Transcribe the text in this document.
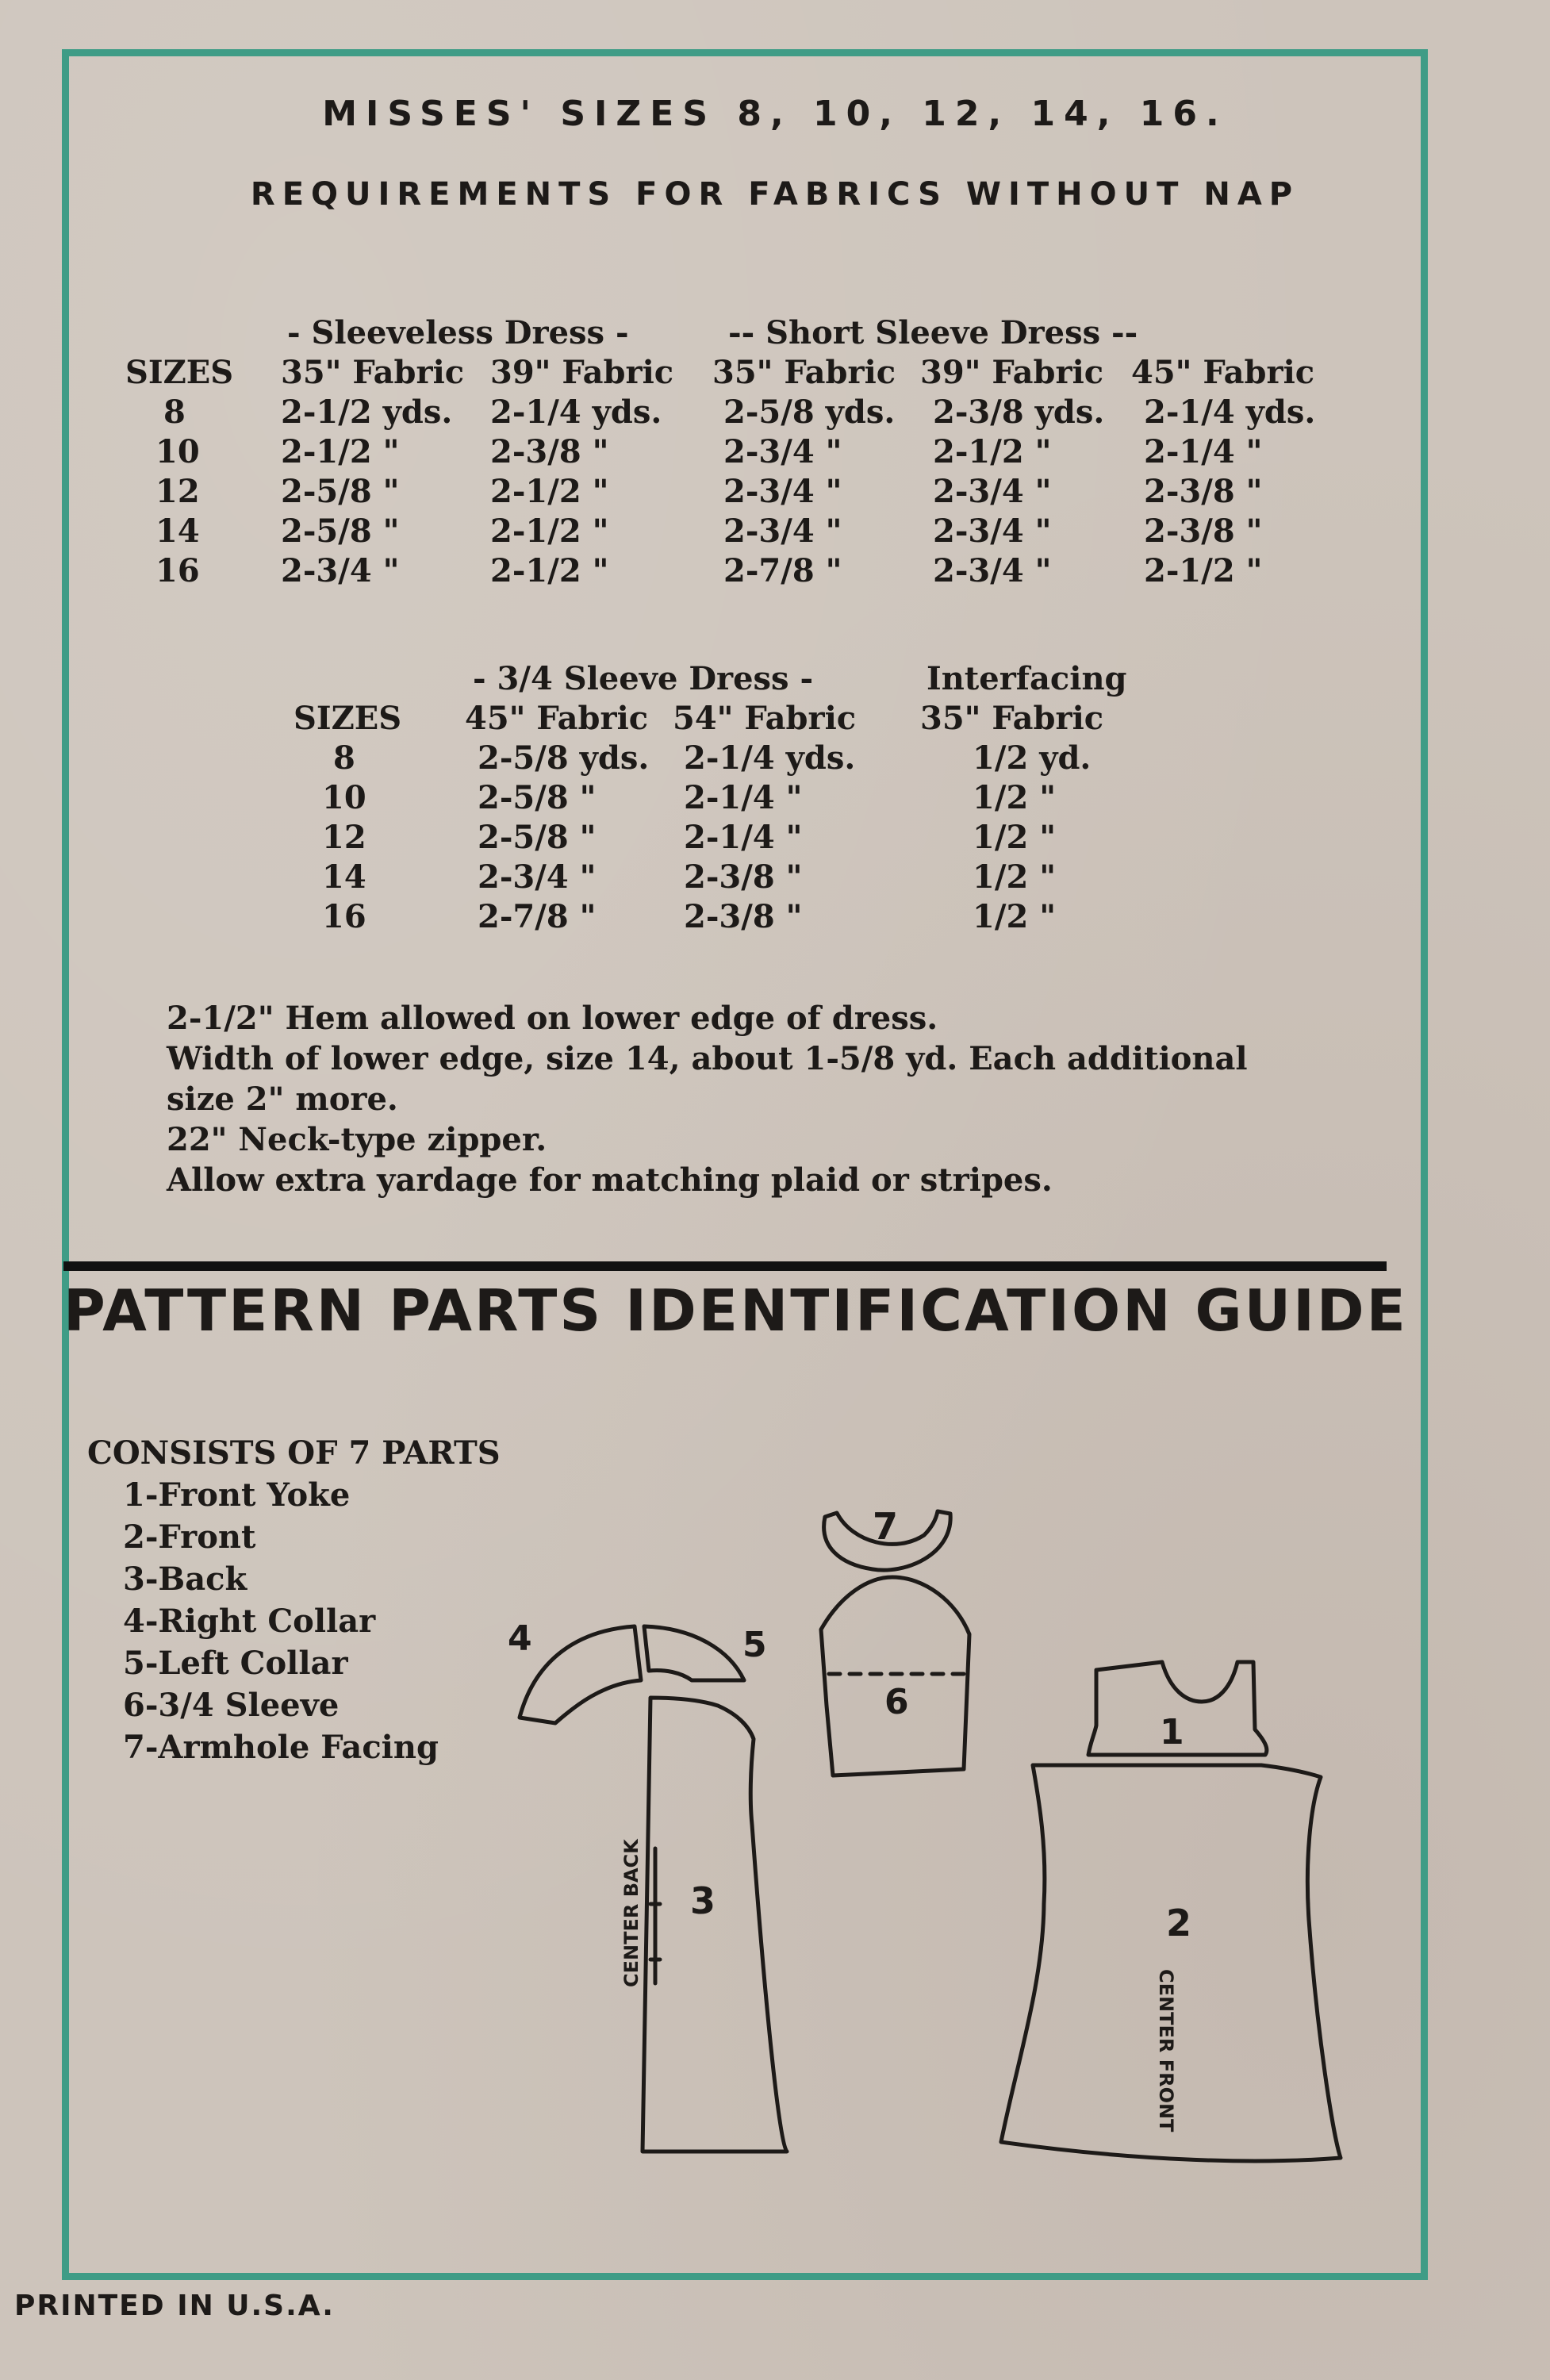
MISSES' SIZES 8, 10, 12, 14, 16.
REQUIREMENTS FOR FABRICS WITHOUT NAP
- Sleeveless Dress -	-- Short Sleeve Dress --
SIZES 35" Fabric 39" Fabric 35" Fabric 39" Fabric 45" Fabric
8	2-1/2 yds. 2-1/4 yds. 2-5/8 yds. 2-3/8 yds. 2-1/4 yds.
10	2-1/2 "	2-3/8 "	2-3/4 "	2-1/2 "	2-1/4 "
12	2-5/8 "	2-1/2 "	2-3/4 "	2-3/4 "	2-3/8 "
14	2-5/8 "	2-1/2 "	2-3/4 "	2-3/4 "	2-3/8 "
16	2-3/4 "	2-1/2 "	2-7/8 "	2-3/4 "	2-1/2 "
- 3/4 Sleeve Dress -	Interfacing
SIZES 45" Fabric 54" Fabric 35" Fabric
8	2-5/8 yds. 2-1/4 yds.	1/2 yd.
10	2-5/8 "	2-1/4 "	1/2 "
12	2-5/8 "	2-1/4 "	1/2 "
14	2-3/4 "	2-3/8 "	1/2 "
16	2-7/8 "	2-3/8 "	1/2 "
2-1/2" Hem allowed on lower edge of dress.
Width of lower edge, size 14, about 1-5/8 yd. Each additional
size 2" more.
22" Neck-type zipper.
Allow extra yardage for matching plaid or stripes.
PATTERN PARTS IDENTIFICATION GUIDE
CONSISTS OF 7 PARTS
1-Front Yoke
2-Front
3-Back
4-Right Collar
5-Left Collar
6-3/4 Sleeve
7-Armhole Facing
4	5
3
7
6
1
2
CENTER BACK
CENTER FRONT
PRINTED IN U.S.A.
